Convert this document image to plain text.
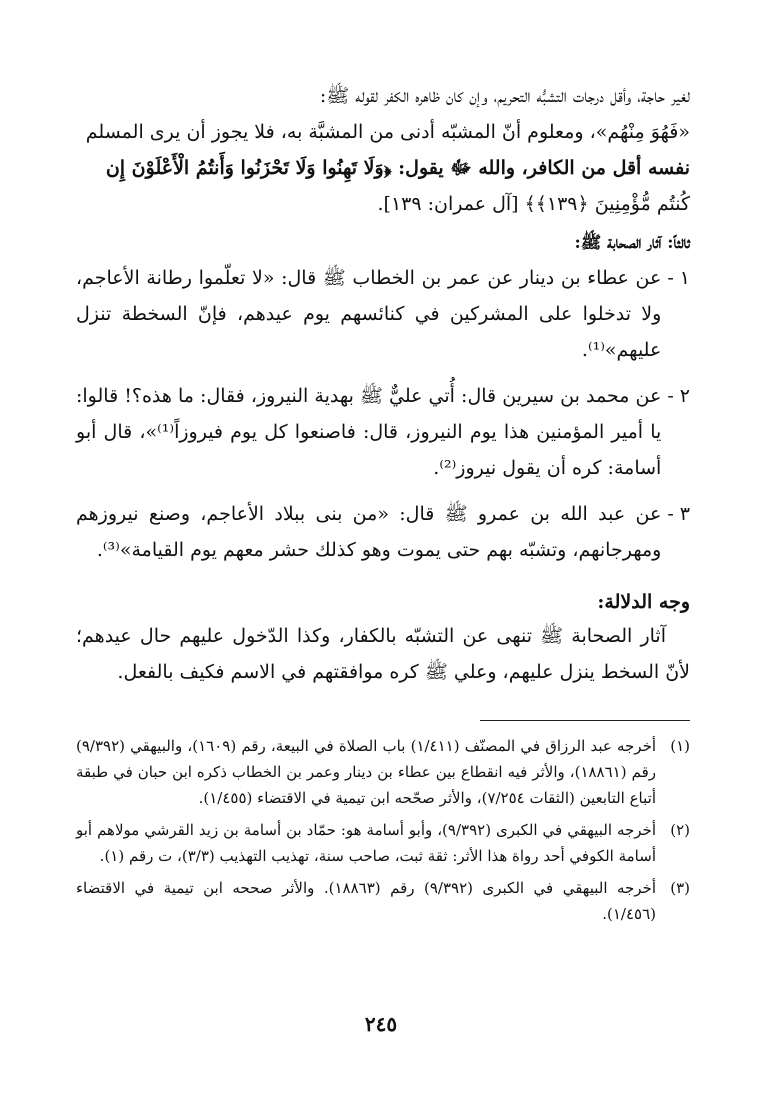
لغير حاجة، وأقل درجات التشبُّه التحريم، وإن كان ظاهره الكفر لقوله ﷺ:

«فَهُوَ مِنْهُم»، ومعلوم أنّ المشبّه أدنى من المشبَّة به، فلا يجوز أن يرى المسلم

نفسه أقل من الكافر، والله ﷻ يقول: ﴿وَلَا تَهِنُوا وَلَا تَحْزَنُوا وَأَنتُمُ الْأَعْلَوْنَ إِن

كُنتُم مُّؤْمِنِينَ ﴿١٣٩﴾﴾ [آل عمران: ١٣٩].

ثالثاً: آثار الصحابة ﷺ:
١ -
عن عطاء بن دينار عن عمر بن الخطاب ﷺ قال: «لا تعلّموا رطانة الأعاجم، ولا تدخلوا على المشركين في كنائسهم يوم عيدهم، فإنّ السخطة تنزل عليهم»⁽¹⁾.
٢ -
عن محمد بن سيرين قال: أُتي عليٌّ ﷺ بهدية النيروز، فقال: ما هذه؟! قالوا: يا أمير المؤمنين هذا يوم النيروز، قال: فاصنعوا كل يوم فيروزاً⁽¹⁾»، قال أبو أسامة: كره أن يقول نيروز⁽²⁾.
٣ -
عن عبد الله بن عمرو ﷺ قال: «من بنى ببلاد الأعاجم، وصنع نيروزهم ومهرجانهم، وتشبّه بهم حتى يموت وهو كذلك حشر معهم يوم القيامة»⁽³⁾.
وجه الدلالة:

آثار الصحابة ﷺ تنهى عن التشبّه بالكفار، وكذا الدّخول عليهم حال عيدهم؛ لأنّ السخط ينزل عليهم، وعلي ﷺ كره موافقتهم في الاسم فكيف بالفعل.

(١)
أخرجه عبد الرزاق في المصنّف (١/٤١١) باب الصلاة في البيعة، رقم (١٦٠٩)، والبيهقي (٩/٣٩٢) رقم (١٨٨٦١)، والأثر فيه انقطاع بين عطاء بن دينار وعمر بن الخطاب ذكره ابن حبان في طبقة أتباع التابعين (الثقات ٧/٢٥٤)، والأثر صحّحه ابن تيمية في الاقتضاء (١/٤٥٥).
(٢)
أخرجه البيهقي في الكبرى (٩/٣٩٢)، وأبو أسامة هو: حمّاد بن أسامة بن زيد القرشي مولاهم أبو أسامة الكوفي أحد رواة هذا الأثر: ثقة ثبت، صاحب سنة، تهذيب التهذيب (٣/٣)، ت رقم (١).
(٣)
أخرجه البيهقي في الكبرى (٩/٣٩٢) رقم (١٨٨٦٣). والأثر صححه ابن تيمية في الاقتضاء (١/٤٥٦).
٢٤٥
